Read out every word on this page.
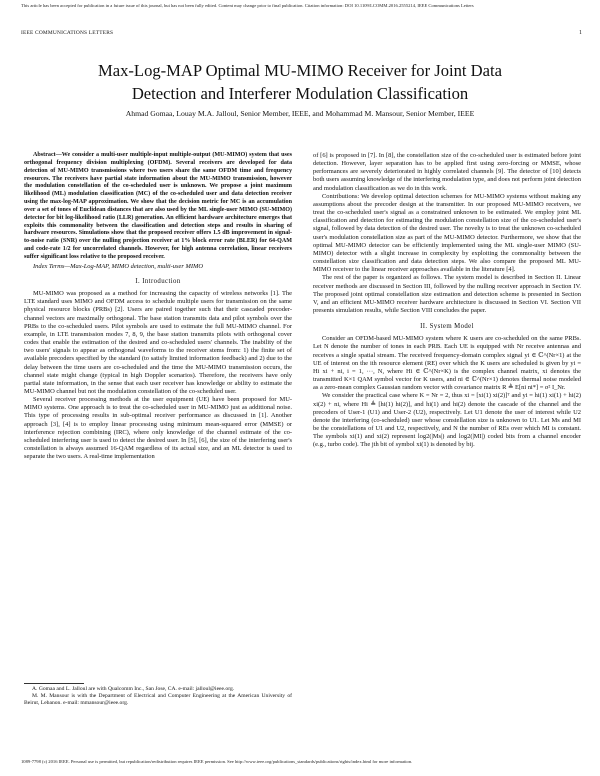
This article has been accepted for publication in a future issue of this journal, but has not been fully edited. Content may change prior to final publication. Citation information: DOI 10.1109/LCOMM.2016.2555214, IEEE Communications Letters
IEEE COMMUNICATIONS LETTERS	1
Max-Log-MAP Optimal MU-MIMO Receiver for Joint Data
Detection and Interferer Modulation Classification
Ahmad Gomaa, Louay M.A. Jalloul, Senior Member, IEEE, and Mohammad M. Mansour, Senior Member, IEEE

Abstract—We consider a multi-user multiple-input multiple-output (MU-MIMO) system that uses orthogonal frequency division multiplexing (OFDM). Several receivers are developed for data detection of MU-MIMO transmissions where two users share the same OFDM time and frequency resources. The receivers have partial state information about the MU-MIMO transmission, however the modulation constellation of the co-scheduled user is unknown. We propose a joint maximum likelihood (ML) modulation classification (MC) of the co-scheduled user and data detection receiver using the max-log-MAP approximation. We show that the decision metric for MC is an accumulation over a set of tones of Euclidean distances that are also used by the ML single-user MIMO (SU-MIMO) detector for bit log-likelihood ratio (LLR) generation. An efficient hardware architecture emerges that exploits this commonality between the classification and detection steps and results in sharing of hardware resources. Simulations show that the proposed receiver offers 1.5 dB improvement in signal-to-noise ratio (SNR) over the nulling projection receiver at 1% block error rate (BLER) for 64-QAM and code-rate 1/2 for uncorrelated channels. However, for high antenna correlation, linear receivers suffer significant loss relative to the proposed receiver.

Index Terms—Max-Log-MAP, MIMO detection, multi-user MIMO

I. Introduction

MU-MIMO was proposed as a method for increasing the capacity of wireless networks [1]. The LTE standard uses MIMO and OFDM access to schedule multiple users for transmission on the same physical resource blocks (PRBs) [2]. Users are paired together such that their cascaded precoder-channel vectors are maximally orthogonal. The base station transmits data and pilot symbols over the PRBs to the co-scheduled users. Pilot symbols are used to estimate the full MU-MIMO channel. For example, in LTE transmission modes 7, 8, 9, the base station transmits pilots with orthogonal cover codes that enable the estimation of the desired and co-scheduled users' channels. The inability of the two users' signals to appear as orthogonal waveforms to the receiver stems from: 1) the finite set of available precoders specified by the standard (to satisfy limited information feedback) and 2) due to the delay between the time users are co-scheduled and the time the MU-MIMO transmission occurs, the channel state might change (typical in high Doppler scenarios). Therefore, the receivers have only partial state information, in the sense that each user receiver has knowledge or ability to estimate the MU-MIMO channel but not the modulation constellation of the co-scheduled user.

Several receiver processing methods at the user equipment (UE) have been proposed for MU-MIMO systems. One approach is to treat the co-scheduled user in MU-MIMO just as additional noise. This type of processing results in sub-optimal receiver performance as discussed in [1]. Another approach [3], [4] is to employ linear processing using minimum mean-squared error (MMSE) or interference rejection combining (IRC), where only knowledge of the channel estimate of the co-scheduled interfering user is used to detect the desired user. In [5], [6], the size of the interfering user's constellation is always assumed 16-QAM regardless of its actual size, and an ML detector is used to separate the two users. A real-time implementation

A. Gomaa and L. Jalloul are with Qualcomm Inc., San Jose, CA. e-mail: jalloul@ieee.org.

M. M. Mansour is with the Department of Electrical and Computer Engineering at the American University of Beirut, Lebanon. e-mail: mmansour@ieee.org.

of [6] is proposed in [7]. In [8], the constellation size of the co-scheduled user is estimated before joint detection. However, layer separation has to be applied first using zero-forcing or MMSE, whose performances are severely deteriorated in highly correlated channels [9]. The detector of [10] detects both users assuming knowledge of the interfering modulation type, and does not perform joint detection and modulation classification as we do in this work.

Contributions: We develop optimal detection schemes for MU-MIMO systems without making any assumptions about the precoder design at the transmitter. In our proposed MU-MIMO receivers, we treat the co-scheduled user's signal as a constrained unknown to be estimated. We employ joint ML classification and detection for estimating the modulation constellation size of the co-scheduled user's signal, followed by data detection of the desired user. The novelty is to treat the unknown co-scheduled user's modulation constellation size as part of the MU-MIMO detector. Furthermore, we show that the optimal MU-MIMO detector can be efficiently implemented using the ML single-user MIMO (SU-MIMO) detector with a slight increase in complexity by exploiting the commonality between the constellation size classification and data detection steps. We also compare the proposed ML MU-MIMO receiver to the linear receiver approaches available in the literature [4].

The rest of the paper is organized as follows. The system model is described in Section II. Linear receiver methods are discussed in Section III, followed by the nulling receiver approach in Section IV. The proposed joint optimal constellation size estimation and detection scheme is presented in Section V, and an efficient MU-MIMO receiver hardware architecture is discussed in Section VI. Section VII presents simulation results, while Section VIII concludes the paper.

II. System Model

Consider an OFDM-based MU-MIMO system where K users are co-scheduled on the same PRBs. Let N denote the number of tones in each PRB. Each UE is equipped with Nr receive antennas and receives a single spatial stream. The received frequency-domain complex signal yi ∈ ℂ^(Nr×1) at the UE of interest on the ith resource element (RE) over which the K users are scheduled is given by yi = Hi xi + ni, i = 1, ···, N, where Hi ∈ ℂ^(Nr×K) is the complex channel matrix, xi denotes the transmitted K×1 QAM symbol vector for K users, and ni ∈ ℂ^(Nr×1) denotes thermal noise modeled as a zero-mean complex Gaussian random vector with covariance matrix R ≜ E[ni ni*] = σ² I_Nr.

We consider the practical case where K = Nr = 2, thus xi = [xi(1) xi(2)]ᵀ and yi = hi(1) xi(1) + hi(2) xi(2) + ni, where Hi ≜ [hi(1) hi(2)], and hi(1) and hi(2) denote the cascade of the channel and the precoders of User-1 (U1) and User-2 (U2), respectively. Let U1 denote the user of interest while U2 denote the interfering (co-scheduled) user whose constellation size is unknown to U1. Let Ms and MI be the constellations of U1 and U2, respectively, and N the number of REs over which MI is constant. The symbols xi(1) and xi(2) represent log2(|Ms|) and log2(|MI|) coded bits from a channel encoder (e.g., turbo code). The jth bit of symbol xi(1) is denoted by bij.

1089-7798 (c) 2016 IEEE. Personal use is permitted, but republication/redistribution requires IEEE permission. See http://www.ieee.org/publications_standards/publications/rights/index.html for more information.
